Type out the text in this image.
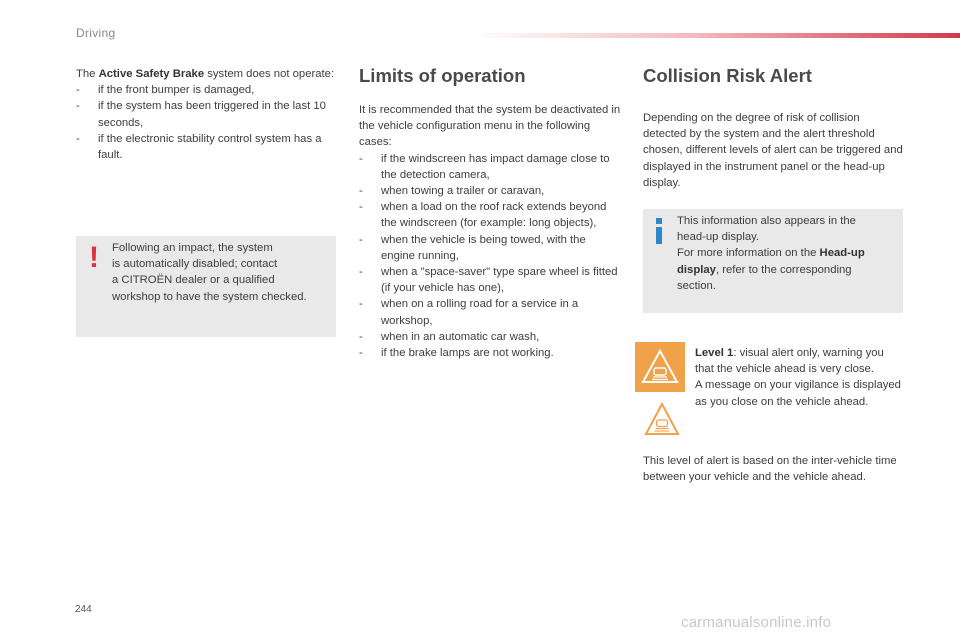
Driving

The Active Safety Brake system does not operate:

- if the front bumper is damaged,
- if the system has been triggered in the last 10 seconds,
- if the electronic stability control system has a fault.
! Following an impact, the system
is automatically disabled; contact
a CITROËN dealer or a qualified
workshop to have the system checked.
Limits of operation

It is recommended that the system be deactivated in the vehicle configuration menu in the following cases:

- if the windscreen has impact damage close to the detection camera,
- when towing a trailer or caravan,
- when a load on the roof rack extends beyond the windscreen (for example: long objects),
- when the vehicle is being towed, with the engine running,
- when a "space-saver" type spare wheel is fitted (if your vehicle has one),
- when on a rolling road for a service in a workshop,
- when in an automatic car wash,
- if the brake lamps are not working.
Collision Risk Alert

Depending on the degree of risk of collision detected by the system and the alert threshold chosen, different levels of alert can be triggered and displayed in the instrument panel or the head-up display.

This information also appears in the
head-up display.
For more information on the Head-up
display, refer to the corresponding
section.

Level 1: visual alert only, warning you that the vehicle ahead is very close.

A message on your vigilance is displayed as you close on the vehicle ahead.

This level of alert is based on the inter-vehicle time between your vehicle and the vehicle ahead.

244
carmanualsonline.info
